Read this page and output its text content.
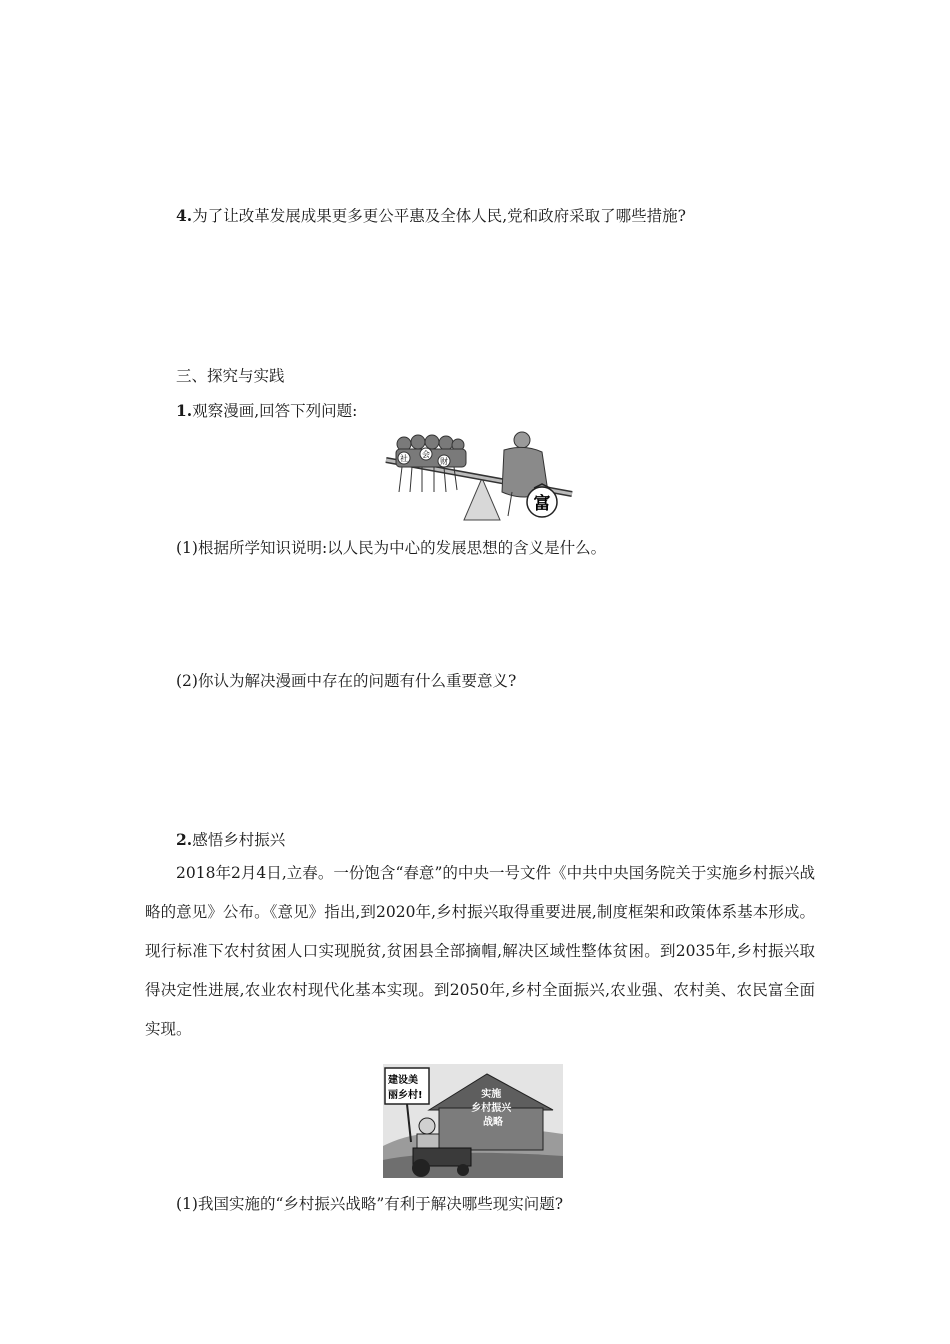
4.为了让改革发展成果更多更公平惠及全体人民,党和政府采取了哪些措施?
三、探究与实践
1.观察漫画,回答下列问题:
社 会
财
富
(1)根据所学知识说明:以人民为中心的发展思想的含义是什么。
(2)你认为解决漫画中存在的问题有什么重要意义?
2.感悟乡村振兴
2018年2月4日,立春。一份饱含“春意”的中央一号文件《中共中央国务院关于实施乡村振兴战略的意见》公布。《意见》指出,到2020年,乡村振兴取得重要进展,制度框架和政策体系基本形成。现行标准下农村贫困人口实现脱贫,贫困县全部摘帽,解决区域性整体贫困。到2035年,乡村振兴取得决定性进展,农业农村现代化基本实现。到2050年,乡村全面振兴,农业强、农村美、农民富全面实现。
实施 乡村振兴 战略
建设美 丽乡村!
(1)我国实施的“乡村振兴战略”有利于解决哪些现实问题?
